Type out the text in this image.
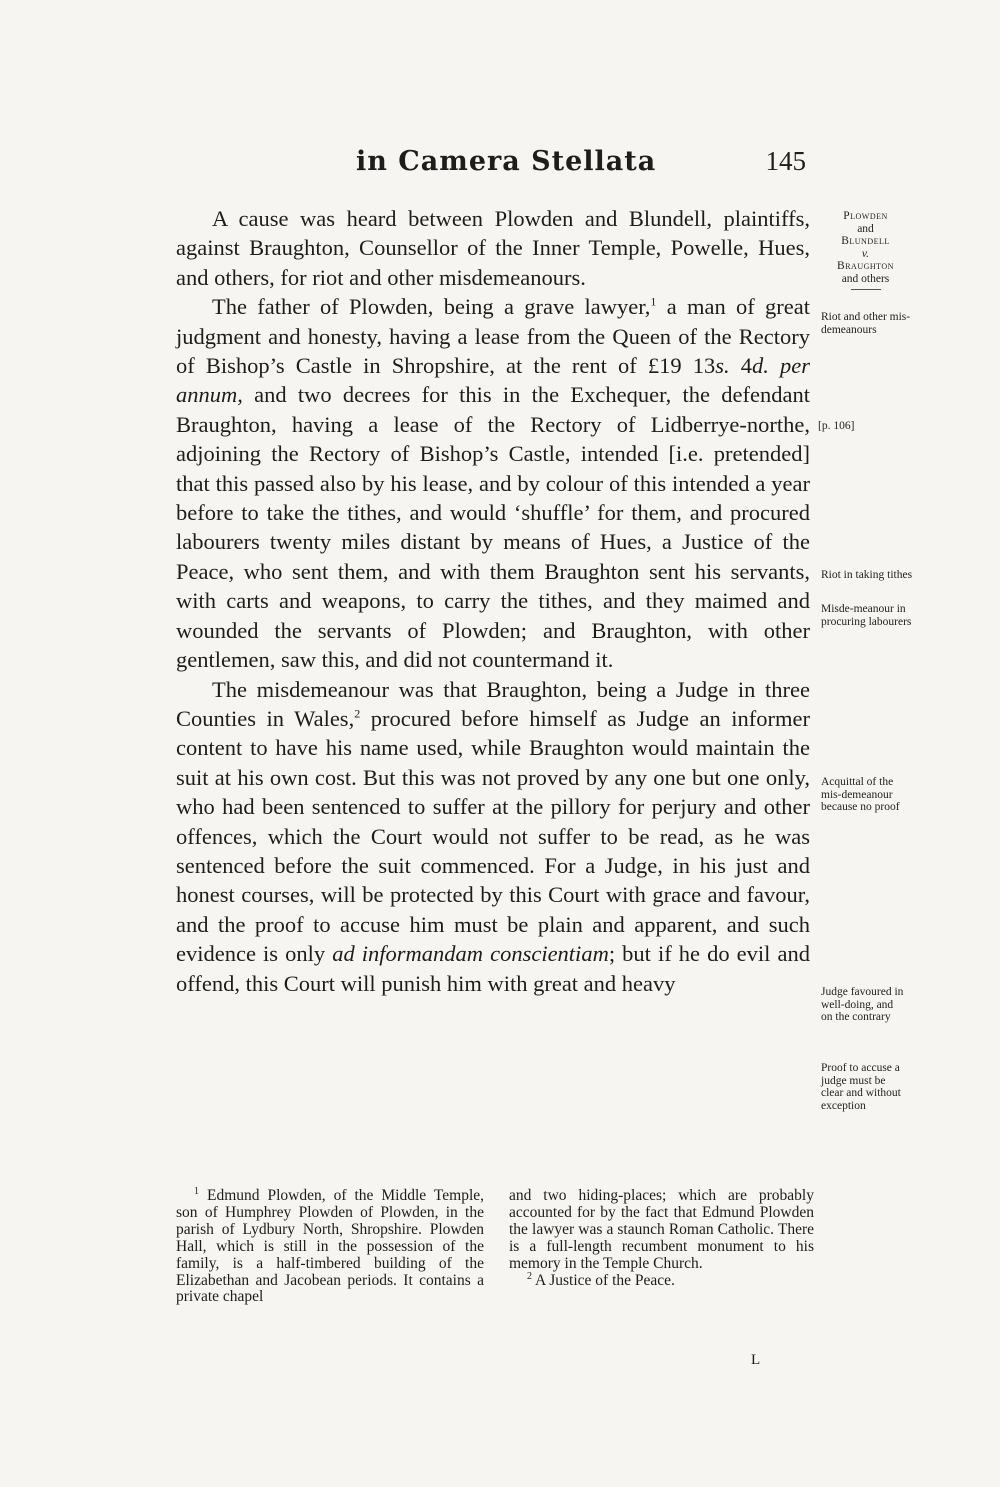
in Camera Stellata	145

A cause was heard between Plowden and Blundell, plaintiffs, against Braughton, Counsellor of the Inner Temple, Powelle, Hues, and others, for riot and other misdemeanours.

The father of Plowden, being a grave lawyer,$^1$ a man of great judgment and honesty, having a lease from the Queen of the Rectory of Bishop’s Castle in Shropshire, at the rent of £19 13s. 4d. per annum, and two decrees for this in the Exchequer, the defendant Braughton, having a lease of the Rectory of Lidberrye-northe, adjoining the Rectory of Bishop’s Castle, intended [i.e. pretended] that this passed also by his lease, and by colour of this intended a year before to take the tithes, and would ‘shuffle’ for them, and procured labourers twenty miles distant by means of Hues, a Justice of the Peace, who sent them, and with them Braughton sent his servants, with carts and weapons, to carry the tithes, and they maimed and wounded the servants of Plowden; and Braughton, with other gentlemen, saw this, and did not countermand it.

The misdemeanour was that Braughton, being a Judge in three Counties in Wales,$^2$ procured before himself as Judge an informer content to have his name used, while Braughton would maintain the suit at his own cost. But this was not proved by any one but one only, who had been sentenced to suffer at the pillory for perjury and other offences, which the Court would not suffer to be read, as he was sentenced before the suit commenced. For a Judge, in his just and honest courses, will be protected by this Court with grace and favour, and the proof to accuse him must be plain and apparent, and such evidence is only ad informandam conscientiam; but if he do evil and offend, this Court will punish him with great and heavy

Plowden
and
Blundell
v.
Braughton
and others
Riot and other mis-demeanours
[p. 106]
Riot in taking tithes
Misde-meanour in procuring labourers
Acquittal of the mis-demeanour because no proof
Judge favoured in well-doing, and on the contrary
Proof to accuse a judge must be clear and without exception

$^1$ Edmund Plowden, of the Middle Temple, son of Humphrey Plowden of Plowden, in the parish of Lydbury North, Shropshire. Plowden Hall, which is still in the possession of the family, is a half-timbered building of the Elizabethan and Jacobean periods. It contains a private chapel

and two hiding-places; which are probably accounted for by the fact that Edmund Plowden the lawyer was a staunch Roman Catholic. There is a full-length recumbent monument to his memory in the Temple Church.

$^2$ A Justice of the Peace.

L
